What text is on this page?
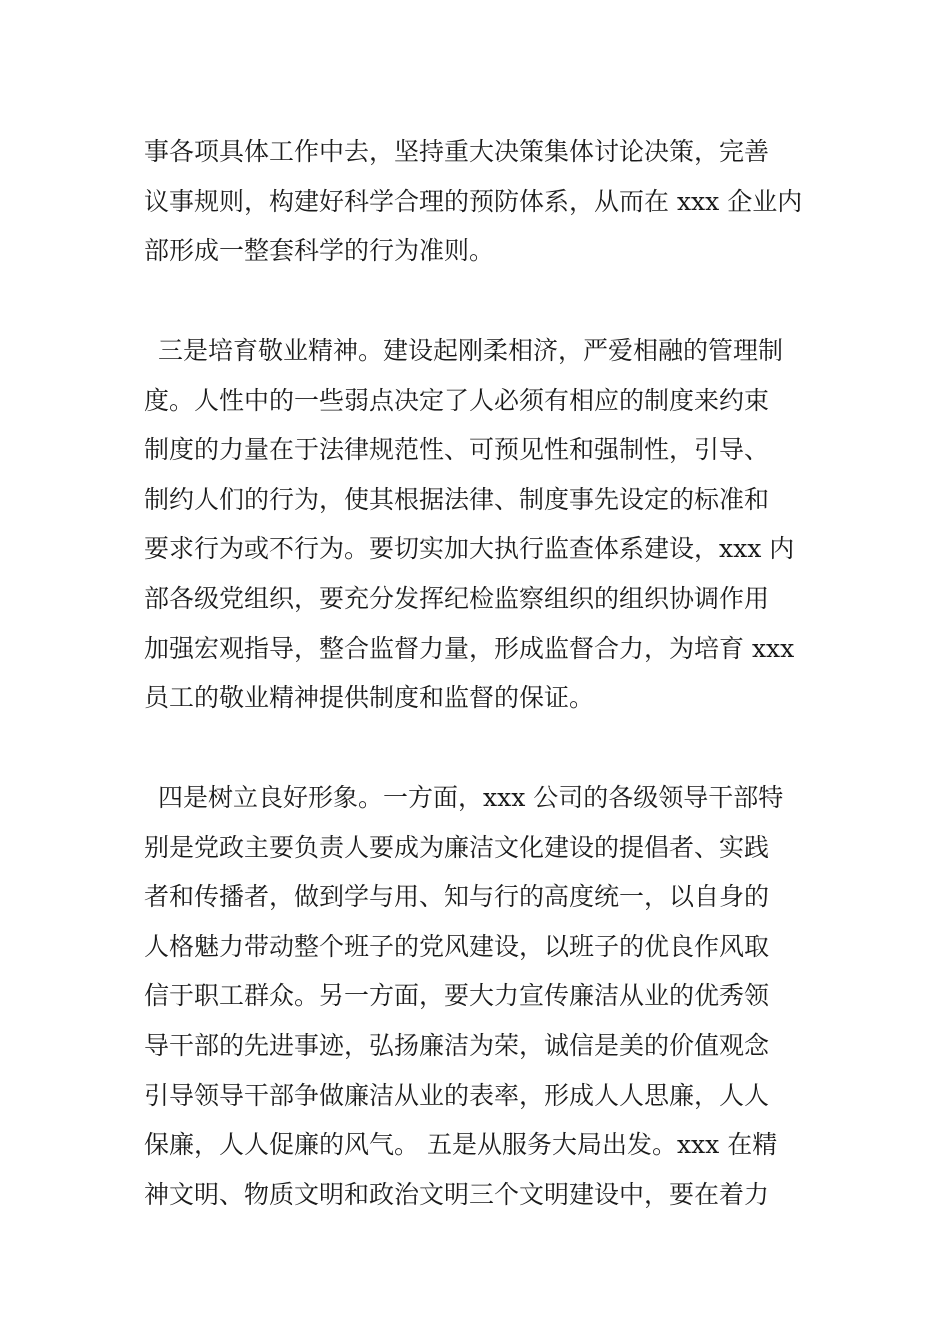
事各项具体工作中去，坚持重大决策集体讨论决策，完善
议事规则，构建好科学合理的预防体系，从而在 xxx 企业内
部形成一整套科学的行为准则。
三是培育敬业精神。建设起刚柔相济，严爱相融的管理制
度。人性中的一些弱点决定了人必须有相应的制度来约束
制度的力量在于法律规范性、可预见性和强制性，引导、
制约人们的行为，使其根据法律、制度事先设定的标准和
要求行为或不行为。要切实加大执行监查体系建设，xxx 内
部各级党组织，要充分发挥纪检监察组织的组织协调作用
加强宏观指导，整合监督力量，形成监督合力，为培育 xxx
员工的敬业精神提供制度和监督的保证。
四是树立良好形象。一方面，xxx 公司的各级领导干部特
别是党政主要负责人要成为廉洁文化建设的提倡者、实践
者和传播者，做到学与用、知与行的高度统一，以自身的
人格魅力带动整个班子的党风建设，以班子的优良作风取
信于职工群众。另一方面，要大力宣传廉洁从业的优秀领
导干部的先进事迹，弘扬廉洁为荣，诚信是美的价值观念
引导领导干部争做廉洁从业的表率，形成人人思廉，人人
保廉，人人促廉的风气。 五是从服务大局出发。xxx 在精
神文明、物质文明和政治文明三个文明建设中，要在着力
